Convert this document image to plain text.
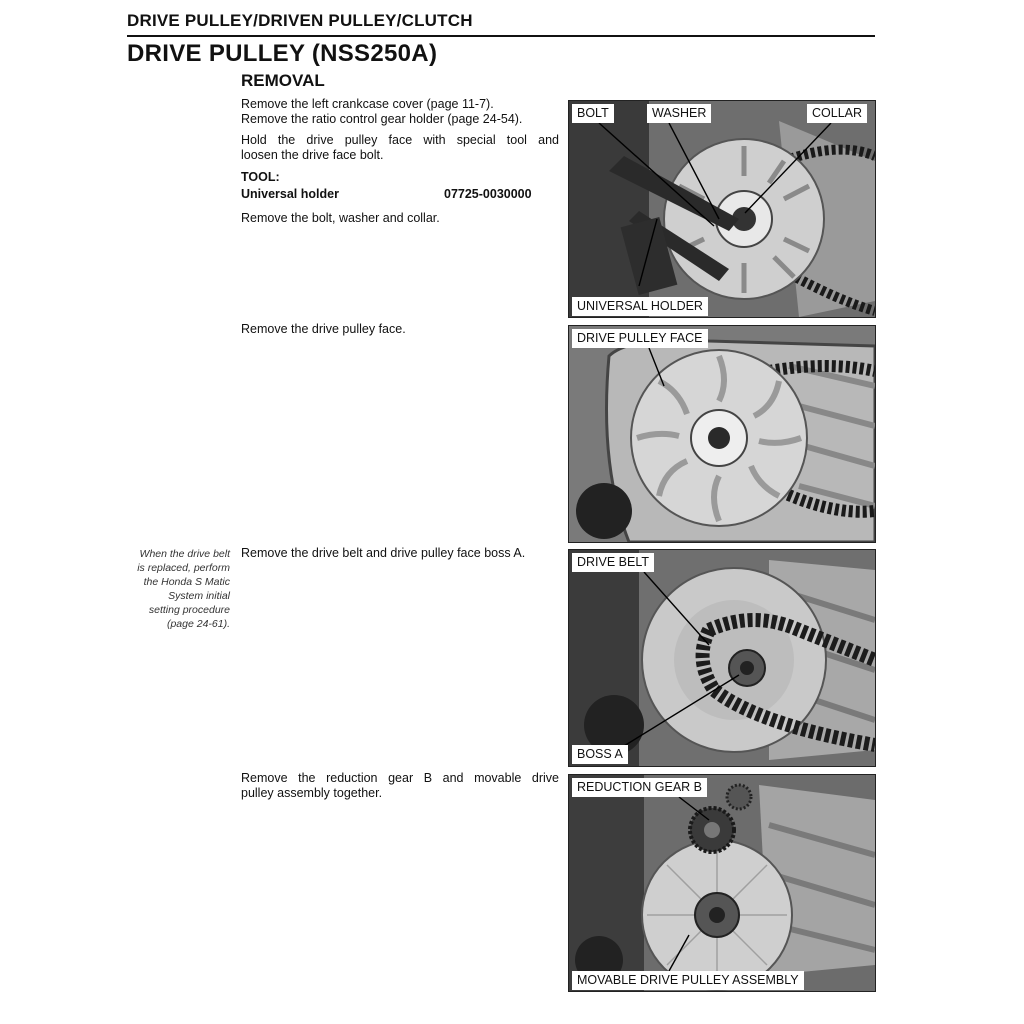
DRIVE PULLEY/DRIVEN PULLEY/CLUTCH
DRIVE PULLEY (NSS250A)
REMOVAL
Remove the left crankcase cover (page 11-7).
Remove the ratio control gear holder (page 24-54).
Hold the drive pulley face with special tool and
loosen the drive face bolt.
TOOL:
Universal holder	07725-0030000
Remove the bolt, washer and collar.
Remove the drive pulley face.
Remove the drive belt and drive pulley face boss A.
Remove the reduction gear B and movable drive
pulley assembly together.
When the drive belt
is replaced, perform
the Honda S Matic
System initial
setting procedure
(page 24-61).
BOLT	WASHER	COLLAR
UNIVERSAL HOLDER
DRIVE PULLEY FACE
DRIVE BELT
BOSS A
REDUCTION GEAR B
MOVABLE DRIVE PULLEY ASSEMBLY
